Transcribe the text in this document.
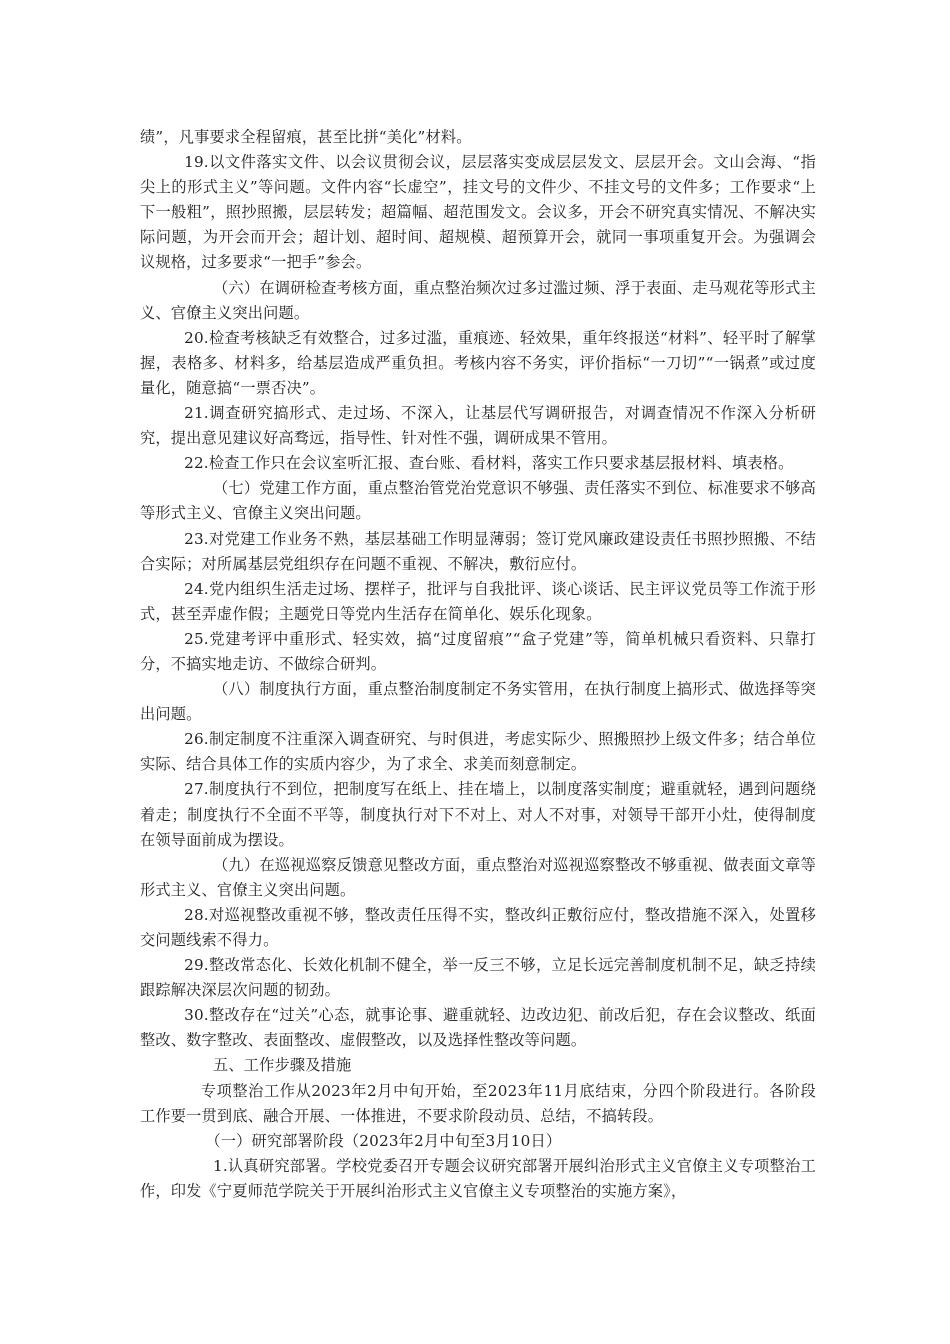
绩”，凡事要求全程留痕，甚至比拼“美化”材料。

19.以文件落实文件、以会议贯彻会议，层层落实变成层层发文、层层开会。文山会海、“指尖上的形式主义”等问题。文件内容“长虚空”，挂文号的文件少、不挂文号的文件多；工作要求“上下一般粗”，照抄照搬，层层转发；超篇幅、超范围发文。会议多，开会不研究真实情况、不解决实际问题，为开会而开会；超计划、超时间、超规模、超预算开会，就同一事项重复开会。为强调会议规格，过多要求“一把手”参会。

（六）在调研检查考核方面，重点整治频次过多过滥过频、浮于表面、走马观花等形式主义、官僚主义突出问题。

20.检查考核缺乏有效整合，过多过滥，重痕迹、轻效果，重年终报送“材料”、轻平时了解掌握，表格多、材料多，给基层造成严重负担。考核内容不务实，评价指标“一刀切”“一锅煮”或过度量化，随意搞“一票否决”。

21.调查研究搞形式、走过场、不深入，让基层代写调研报告，对调查情况不作深入分析研究，提出意见建议好高骛远，指导性、针对性不强，调研成果不管用。

22.检查工作只在会议室听汇报、查台账、看材料，落实工作只要求基层报材料、填表格。

（七）党建工作方面，重点整治管党治党意识不够强、责任落实不到位、标准要求不够高等形式主义、官僚主义突出问题。

23.对党建工作业务不熟，基层基础工作明显薄弱；签订党风廉政建设责任书照抄照搬、不结合实际；对所属基层党组织存在问题不重视、不解决，敷衍应付。

24.党内组织生活走过场、摆样子，批评与自我批评、谈心谈话、民主评议党员等工作流于形式，甚至弄虚作假；主题党日等党内生活存在简单化、娱乐化现象。

25.党建考评中重形式、轻实效，搞“过度留痕”“盒子党建”等，简单机械只看资料、只靠打分，不搞实地走访、不做综合研判。

（八）制度执行方面，重点整治制度制定不务实管用，在执行制度上搞形式、做选择等突出问题。

26.制定制度不注重深入调查研究、与时俱进，考虑实际少、照搬照抄上级文件多；结合单位实际、结合具体工作的实质内容少，为了求全、求美而刻意制定。

27.制度执行不到位，把制度写在纸上、挂在墙上，以制度落实制度；避重就轻，遇到问题绕着走；制度执行不全面不平等，制度执行对下不对上、对人不对事，对领导干部开小灶，使得制度在领导面前成为摆设。

（九）在巡视巡察反馈意见整改方面，重点整治对巡视巡察整改不够重视、做表面文章等形式主义、官僚主义突出问题。

28.对巡视整改重视不够，整改责任压得不实，整改纠正敷衍应付，整改措施不深入，处置移交问题线索不得力。

29.整改常态化、长效化机制不健全，举一反三不够，立足长远完善制度机制不足，缺乏持续跟踪解决深层次问题的韧劲。

30.整改存在“过关”心态，就事论事、避重就轻、边改边犯、前改后犯，存在会议整改、纸面整改、数字整改、表面整改、虚假整改，以及选择性整改等问题。

五、工作步骤及措施

专项整治工作从2023年2月中旬开始，至2023年11月底结束，分四个阶段进行。各阶段工作要一贯到底、融合开展、一体推进，不要求阶段动员、总结，不搞转段。

（一）研究部署阶段（2023年2月中旬至3月10日）

1.认真研究部署。学校党委召开专题会议研究部署开展纠治形式主义官僚主义专项整治工作，印发《宁夏师范学院关于开展纠治形式主义官僚主义专项整治的实施方案》，
